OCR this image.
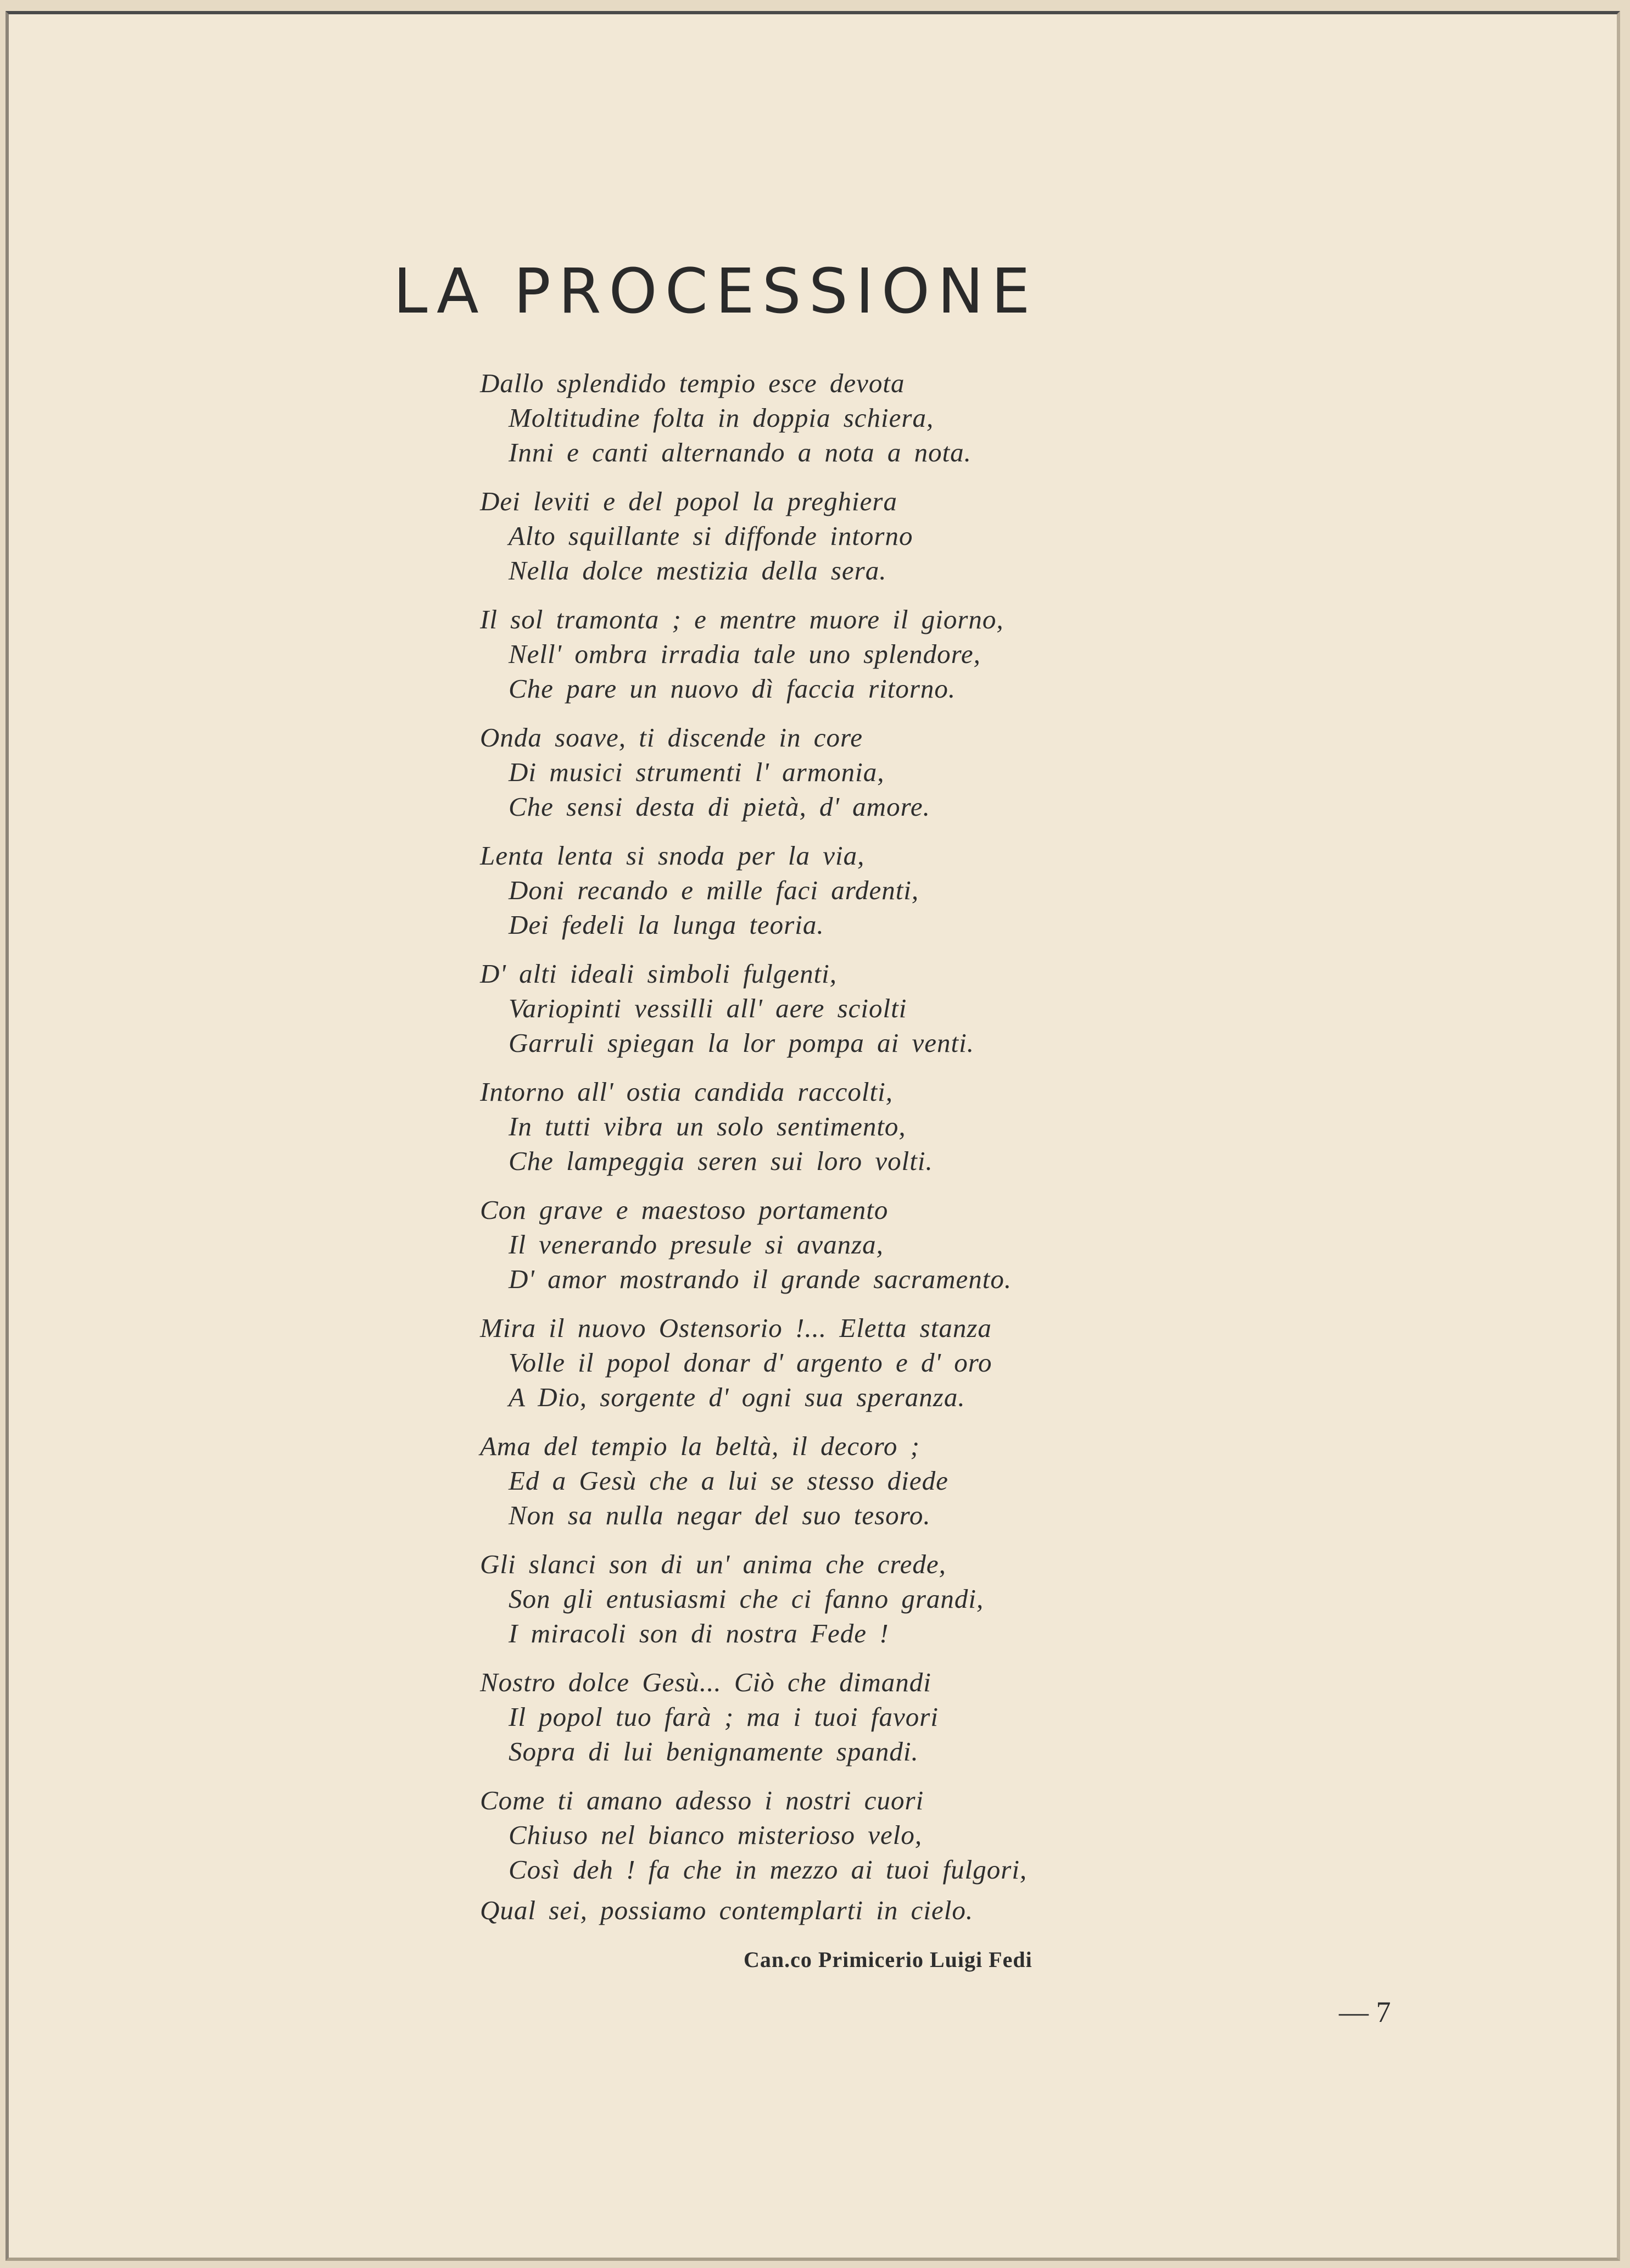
LA PROCESSIONE
Dallo splendido tempio esce devota
Moltitudine folta in doppia schiera,
Inni e canti alternando a nota a nota.
Dei leviti e del popol la preghiera
Alto squillante si diffonde intorno
Nella dolce mestizia della sera.
Il sol tramonta ; e mentre muore il giorno,
Nell' ombra irradia tale uno splendore,
Che pare un nuovo dì faccia ritorno.
Onda soave, ti discende in core
Di musici strumenti l' armonia,
Che sensi desta di pietà, d' amore.
Lenta lenta si snoda per la via,
Doni recando e mille faci ardenti,
Dei fedeli la lunga teoria.
D' alti ideali simboli fulgenti,
Variopinti vessilli all' aere sciolti
Garruli spiegan la lor pompa ai venti.
Intorno all' ostia candida raccolti,
In tutti vibra un solo sentimento,
Che lampeggia seren sui loro volti.
Con grave e maestoso portamento
Il venerando presule si avanza,
D' amor mostrando il grande sacramento.
Mira il nuovo Ostensorio !... Eletta stanza
Volle il popol donar d' argento e d' oro
A Dio, sorgente d' ogni sua speranza.
Ama del tempio la beltà, il decoro ;
Ed a Gesù che a lui se stesso diede
Non sa nulla negar del suo tesoro.
Gli slanci son di un' anima che crede,
Son gli entusiasmi che ci fanno grandi,
I miracoli son di nostra Fede !
Nostro dolce Gesù... Ciò che dimandi
Il popol tuo farà ; ma i tuoi favori
Sopra di lui benignamente spandi.
Come ti amano adesso i nostri cuori
Chiuso nel bianco misterioso velo,
Così deh ! fa che in mezzo ai tuoi fulgori,
Qual sei, possiamo contemplarti in cielo.
Can.co Primicerio Luigi Fedi
— 7
